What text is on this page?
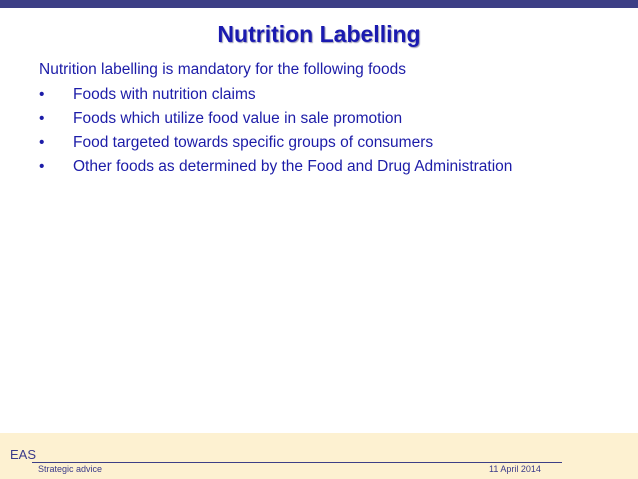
Nutrition Labelling
Nutrition labelling is mandatory for the following foods
• Foods with nutrition claims
• Foods which utilize food value in sale promotion
• Food targeted towards specific groups of consumers
• Other foods as determined by the Food and Drug Administration
EAS
Strategic advice	11 April 2014
